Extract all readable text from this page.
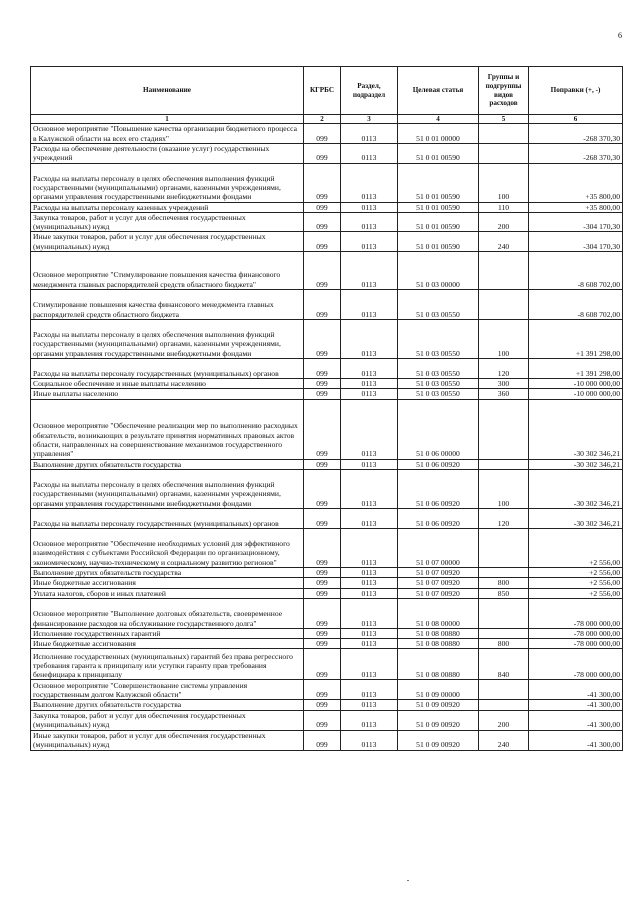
6
Наименование	КГРБС	Раздел, подраздел	Целевая статья	Группы и подгруппы видов расходов	Поправки (+, -)
1	2	3	4	5	6
Основное мероприятие "Повышение качества организации бюджетного процесса в Калужской области на всех его стадиях"	099	0113	51 0 01 00000		-268 370,30
Расходы на обеспечение деятельности (оказание услуг) государственных учреждений	099	0113	51 0 01 00590		-268 370,30
Расходы на выплаты персоналу в целях обеспечения выполнения функций государственными (муниципальными) органами, казенными учреждениями, органами управления государственными внебюджетными фондами	099	0113	51 0 01 00590	100	+35 800,00
Расходы на выплаты персоналу казенных учреждений	099	0113	51 0 01 00590	110	+35 800,00
Закупка товаров, работ и услуг для обеспечения государственных (муниципальных) нужд	099	0113	51 0 01 00590	200	-304 170,30
Иные закупки товаров, работ и услуг для обеспечения государственных (муниципальных) нужд	099	0113	51 0 01 00590	240	-304 170,30
Основное мероприятие "Стимулирование повышения качества финансового менеджмента главных распорядителей средств областного бюджета"	099	0113	51 0 03 00000		-8 608 702,00
Стимулирование повышения качества финансового менеджмента главных распорядителей средств областного бюджета	099	0113	51 0 03 00550		-8 608 702,00
Расходы на выплаты персоналу в целях обеспечения выполнения функций государственными (муниципальными) органами, казенными учреждениями, органами управления государственными внебюджетными фондами	099	0113	51 0 03 00550	100	+1 391 298,00
Расходы на выплаты персоналу государственных (муниципальных) органов	099	0113	51 0 03 00550	120	+1 391 298,00
Социальное обеспечение и иные выплаты населению	099	0113	51 0 03 00550	300	-10 000 000,00
Иные выплаты населению	099	0113	51 0 03 00550	360	-10 000 000,00
Основное мероприятие "Обеспечение реализации мер по выполнению расходных обязательств, возникающих в результате принятия нормативных правовых актов области, направленных на совершенствование механизмов государственного управления"	099	0113	51 0 06 00000		-30 302 346,21
Выполнение других обязательств государства	099	0113	51 0 06 00920		-30 302 346,21
Расходы на выплаты персоналу в целях обеспечения выполнения функций государственными (муниципальными) органами, казенными учреждениями, органами управления государственными внебюджетными фондами	099	0113	51 0 06 00920	100	-30 302 346,21
Расходы на выплаты персоналу государственных (муниципальных) органов	099	0113	51 0 06 00920	120	-30 302 346,21
Основное мероприятие "Обеспечение необходимых условий для эффективного взаимодействия с субъектами Российской Федерации по организационному, экономическому, научно-техническому и социальному развитию регионов"	099	0113	51 0 07 00000		+2 556,00
Выполнение других обязательств государства	099	0113	51 0 07 00920		+2 556,00
Иные бюджетные ассигнования	099	0113	51 0 07 00920	800	+2 556,00
Уплата налогов, сборов и иных платежей	099	0113	51 0 07 00920	850	+2 556,00
Основное мероприятие "Выполнение долговых обязательств, своевременное финансирование расходов на обслуживание государственного долга"	099	0113	51 0 08 00000		-78 000 000,00
Исполнение государственных гарантий	099	0113	51 0 08 00880		-78 000 000,00
Иные бюджетные ассигнования	099	0113	51 0 08 00880	800	-78 000 000,00
Исполнение государственных (муниципальных) гарантий без права регрессного требования гаранта к принципалу или уступки гаранту прав требования бенефициара к принципалу	099	0113	51 0 08 00880	840	-78 000 000,00
Основное мероприятие "Совершенствование системы управления государственным долгом Калужской области"	099	0113	51 0 09 00000		-41 300,00
Выполнение других обязательств государства	099	0113	51 0 09 00920		-41 300,00
Закупка товаров, работ и услуг для обеспечения государственных (муниципальных) нужд	099	0113	51 0 09 00920	200	-41 300,00
Иные закупки товаров, работ и услуг для обеспечения государственных (муниципальных) нужд	099	0113	51 0 09 00920	240	-41 300,00
